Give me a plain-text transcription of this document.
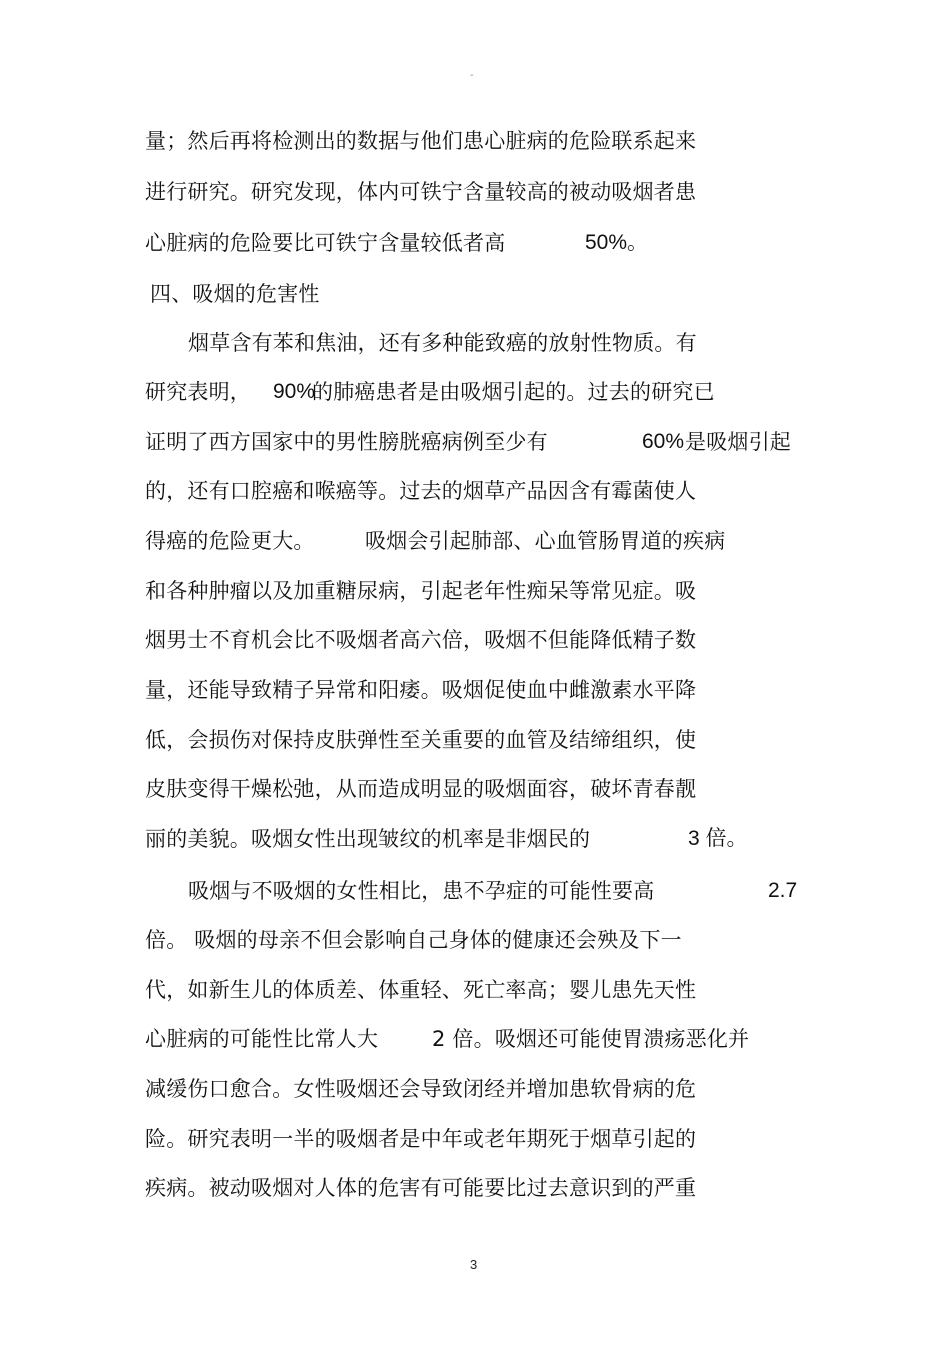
-
量；然后再将检测出的数据与他们患心脏病的危险联系起来
进行研究。研究发现，体内可铁宁含量较高的被动吸烟者患
心脏病的危险要比可铁宁含量较低者高	50%。
四、吸烟的危害性
烟草含有苯和焦油，还有多种能致癌的放射性物质。有
研究表明， 90%
的肺癌患者是由吸烟引起的。过去的研究已
证明了西方国家中的男性膀胱癌病例至少有	60% 是吸烟引起
的，还有口腔癌和喉癌等。过去的烟草产品因含有霉菌使人
得癌的危险更大。 吸烟会引起肺部、心血管肠胃道的疾病
和各种肿瘤以及加重糖尿病，引起老年性痴呆等常见症。吸
烟男士不育机会比不吸烟者高六倍，吸烟不但能降低精子数
量，还能导致精子异常和阳痿。吸烟促使血中雌激素水平降
低，会损伤对保持皮肤弹性至关重要的血管及结缔组织，使
皮肤变得干燥松弛，从而造成明显的吸烟面容，破坏青春靓
丽的美貌。吸烟女性出现皱纹的机率是非烟民的	3 倍。
吸烟与不吸烟的女性相比，患不孕症的可能性要高	2.7
倍。 吸烟的母亲不但会影响自己身体的健康还会殃及下一
代，如新生儿的体质差、体重轻、死亡率高；婴儿患先天性
心脏病的可能性比常人大	2 倍。吸烟还可能使胃溃疡恶化并
减缓伤口愈合。女性吸烟还会导致闭经并增加患软骨病的危
险。研究表明一半的吸烟者是中年或老年期死于烟草引起的
疾病。被动吸烟对人体的危害有可能要比过去意识到的严重
3
